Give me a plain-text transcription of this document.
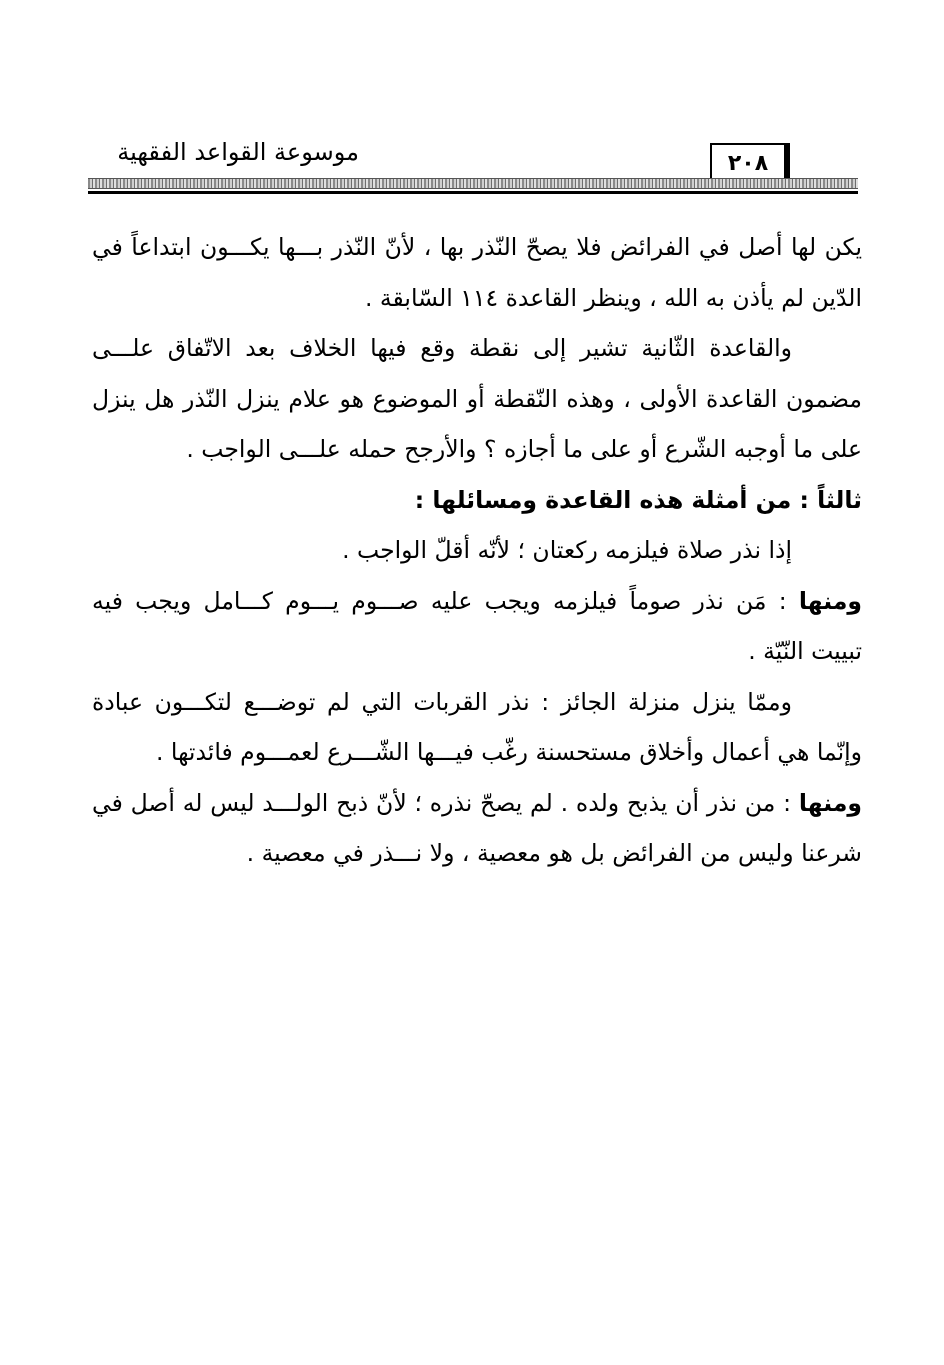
٢٠٨
موسوعة القواعد الفقهية

يكن لها أصل في الفرائض فلا يصحّ النّذر بها ، لأنّ النّذر بـــها يكـــون ابتداعاً في الدّين لم يأذن به الله ، وينظر القاعدة ١١٤ السّابقة .

والقاعدة الثّانية تشير إلى نقطة وقع فيها الخلاف بعد الاتّفاق علـــى مضمون القاعدة الأولى ، وهذه النّقطة أو الموضوع هو علام ينزل النّذر هل ينزل على ما أوجبه الشّرع أو على ما أجازه ؟ والأرجح حمله علـــى الواجب .

ثالثاً : من أمثلة هذه القاعدة ومسائلها :

إذا نذر صلاة فيلزمه ركعتان ؛ لأنّه أقلّ الواجب .

ومنها : مَن نذر صوماً فيلزمه ويجب عليه صـــوم يـــوم كـــامل ويجب فيه تبييت النّيّة .

وممّا ينزل منزلة الجائز : نذر القربات التي لم توضـــع لتكـــون عبادة وإنّما هي أعمال وأخلاق مستحسنة رغّب فيـــها الشّـــرع لعمـــوم فائدتها .

ومنها : من نذر أن يذبح ولده . لم يصحّ نذره ؛ لأنّ ذبح الولـــد ليس له أصل في شرعنا وليس من الفرائض بل هو معصية ، ولا نـــذر في معصية .
